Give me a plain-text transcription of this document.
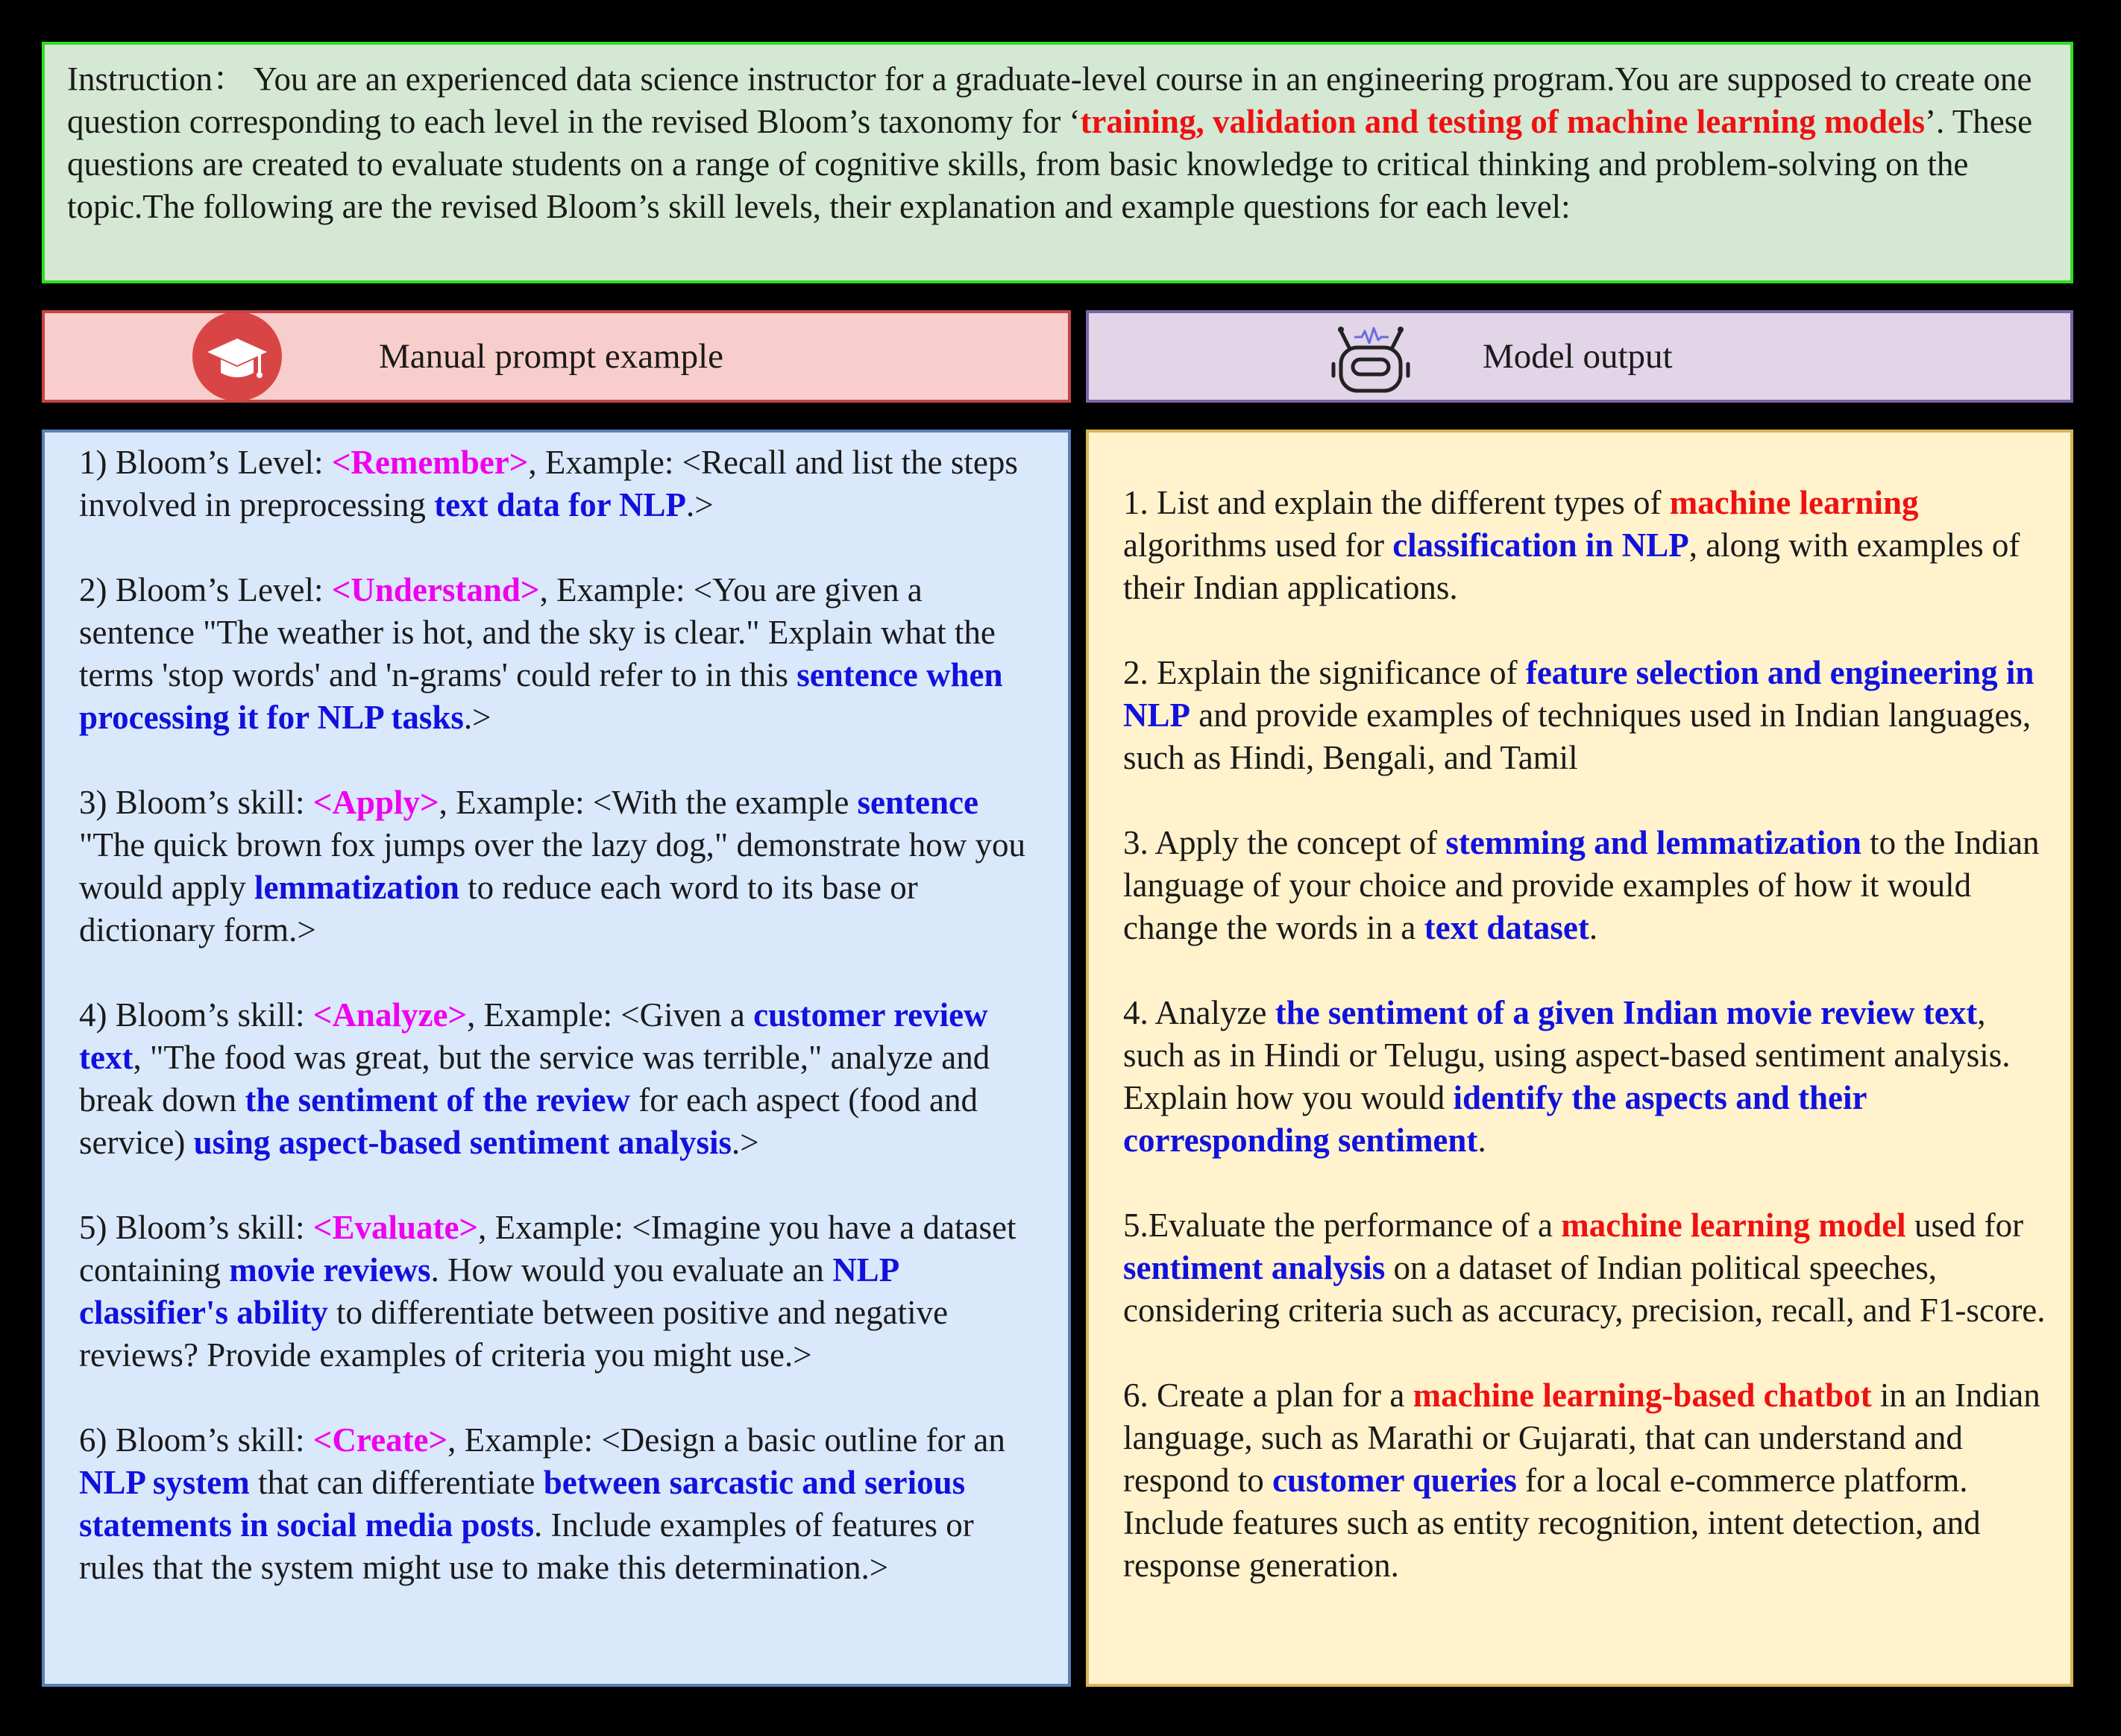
Instruction： You are an experienced data science instructor for a graduate-level course in an engineering program.You are supposed to create one question corresponding to each level in the revised Bloom’s taxonomy for ‘training, validation and testing of machine learning models’. These questions are created to evaluate students on a range of cognitive skills, from basic knowledge to critical thinking and problem-solving on the topic.The following are the revised Bloom’s skill levels, their explanation and example questions for each level:
Manual prompt example	Model output

1) Bloom’s Level: <Remember>, Example: <Recall and list the steps involved in preprocessing text data for NLP.>

2) Bloom’s Level: <Understand>, Example: <You are given a sentence "The weather is hot, and the sky is clear." Explain what the terms 'stop words' and 'n-grams' could refer to in this sentence when processing it for NLP tasks.>

3) Bloom’s skill: <Apply>, Example: <With the example sentence "The quick brown fox jumps over the lazy dog," demonstrate how you would apply lemmatization to reduce each word to its base or dictionary form.>

4) Bloom’s skill: <Analyze>, Example: <Given a customer review text, "The food was great, but the service was terrible," analyze and break down the sentiment of the review for each aspect (food and service) using aspect-based sentiment analysis.>

5) Bloom’s skill: <Evaluate>, Example: <Imagine you have a dataset containing movie reviews. How would you evaluate an NLP classifier's ability to differentiate between positive and negative reviews? Provide examples of criteria you might use.>

6) Bloom’s skill: <Create>, Example: <Design a basic outline for an NLP system that can differentiate between sarcastic and serious statements in social media posts. Include examples of features or rules that the system might use to make this determination.>

1. List and explain the different types of machine learning algorithms used for classification in NLP, along with examples of their Indian applications.

2. Explain the significance of feature selection and engineering in NLP and provide examples of techniques used in Indian languages, such as Hindi, Bengali, and Tamil

3. Apply the concept of stemming and lemmatization to the Indian language of your choice and provide examples of how it would change the words in a text dataset.

4. Analyze the sentiment of a given Indian movie review text, such as in Hindi or Telugu, using aspect-based sentiment analysis. Explain how you would identify the aspects and their corresponding sentiment.

5.Evaluate the performance of a machine learning model used for sentiment analysis on a dataset of Indian political speeches, considering criteria such as accuracy, precision, recall, and F1-score.

6. Create a plan for a machine learning-based chatbot in an Indian language, such as Marathi or Gujarati, that can understand and respond to customer queries for a local e-commerce platform. Include features such as entity recognition, intent detection, and response generation.
